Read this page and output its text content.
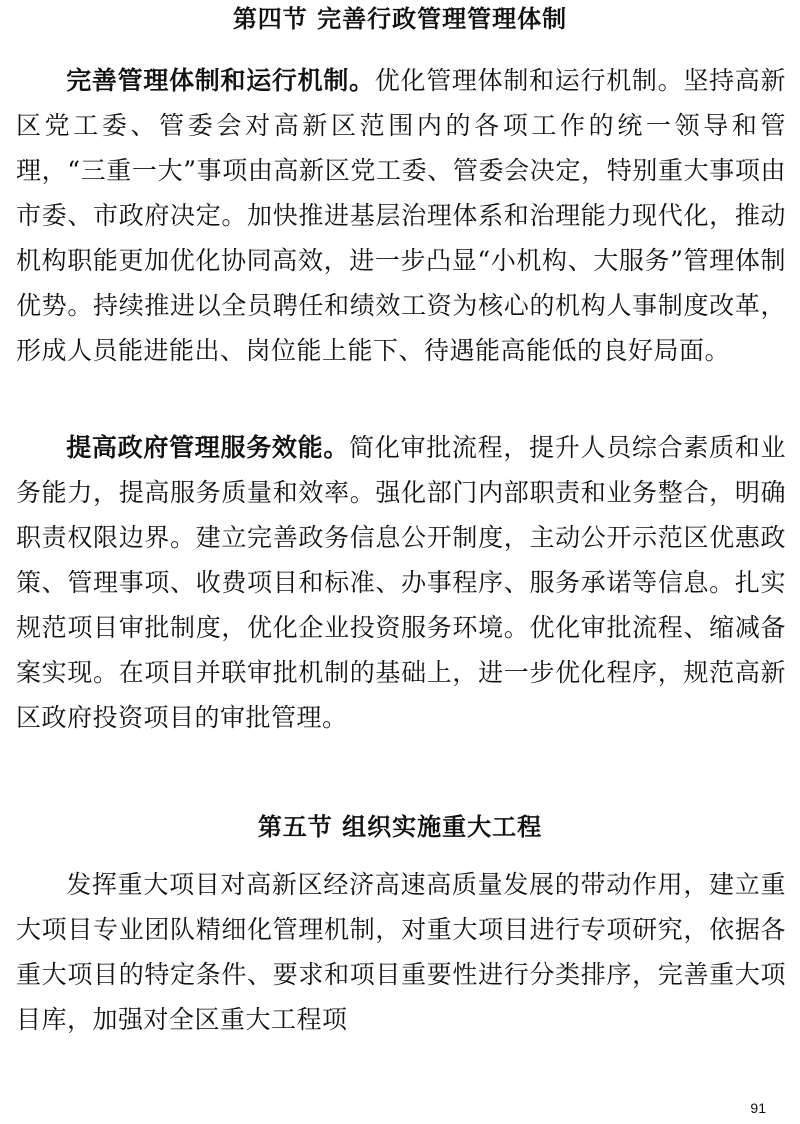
第四节 完善行政管理管理体制

完善管理体制和运行机制。优化管理体制和运行机制。坚持高新区党工委、管委会对高新区范围内的各项工作的统一领导和管理，“三重一大”事项由高新区党工委、管委会决定，特别重大事项由市委、市政府决定。加快推进基层治理体系和治理能力现代化，推动机构职能更加优化协同高效，进一步凸显“小机构、大服务”管理体制优势。持续推进以全员聘任和绩效工资为核心的机构人事制度改革，形成人员能进能出、岗位能上能下、待遇能高能低的良好局面。

提高政府管理服务效能。简化审批流程，提升人员综合素质和业务能力，提高服务质量和效率。强化部门内部职责和业务整合，明确职责权限边界。建立完善政务信息公开制度，主动公开示范区优惠政策、管理事项、收费项目和标准、办事程序、服务承诺等信息。扎实规范项目审批制度，优化企业投资服务环境。优化审批流程、缩减备案实现。在项目并联审批机制的基础上，进一步优化程序，规范高新区政府投资项目的审批管理。

第五节 组织实施重大工程

发挥重大项目对高新区经济高速高质量发展的带动作用，建立重大项目专业团队精细化管理机制，对重大项目进行专项研究，依据各重大项目的特定条件、要求和项目重要性进行分类排序，完善重大项目库，加强对全区重大工程项

91
